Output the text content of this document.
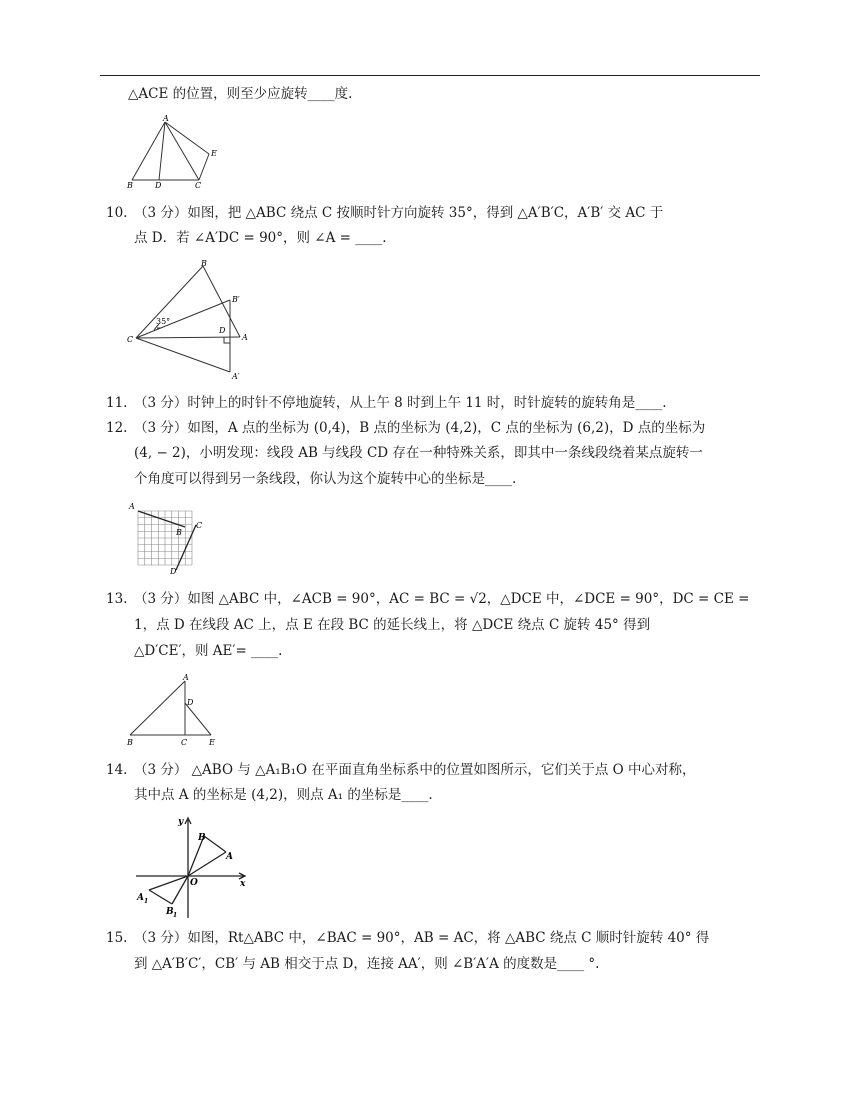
△ACE 的位置，则至少应旋转____度.
A
B	D	C
E
10. （3 分）如图，把 △ABC 绕点 C 按顺时针方向旋转 35°，得到 △A′B′C，A′B′ 交 AC 于
点 D．若 ∠A′DC = 90°，则 ∠A = ____.
B
B′
C
D
A
A′
35°
11. （3 分）时钟上的时针不停地旋转，从上午 8 时到上午 11 时，时针旋转的旋转角是____.
12. （3 分）如图，A 点的坐标为 (0,4)，B 点的坐标为 (4,2)，C 点的坐标为 (6,2)，D 点的坐标为
(4, − 2)，小明发现：线段 AB 与线段 CD 存在一种特殊关系，即其中一条线段绕着某点旋转一
个角度可以得到另一条线段，你认为这个旋转中心的坐标是____.
A
B
C
D
13. （3 分）如图 △ABC 中，∠ACB = 90°，AC = BC = √2，△DCE 中，∠DCE = 90°，DC = CE =
1，点 D 在线段 AC 上，点 E 在段 BC 的延长线上，将 △DCE 绕点 C 旋转 45° 得到
△D′CE′，则 AE′= ____.
A
D
B	C	E
14. （3 分） △ABO 与 △A₁B₁O 在平面直角坐标系中的位置如图所示，它们关于点 O 中心对称，
其中点 A 的坐标是 (4,2)，则点 A₁ 的坐标是____.
y
x
O
B
A
A 1
B 1
15. （3 分）如图，Rt△ABC 中，∠BAC = 90°，AB = AC，将 △ABC 绕点 C 顺时针旋转 40° 得
到 △A′B′C′，CB′ 与 AB 相交于点 D，连接 AA′，则 ∠B′A′A 的度数是____ °.
